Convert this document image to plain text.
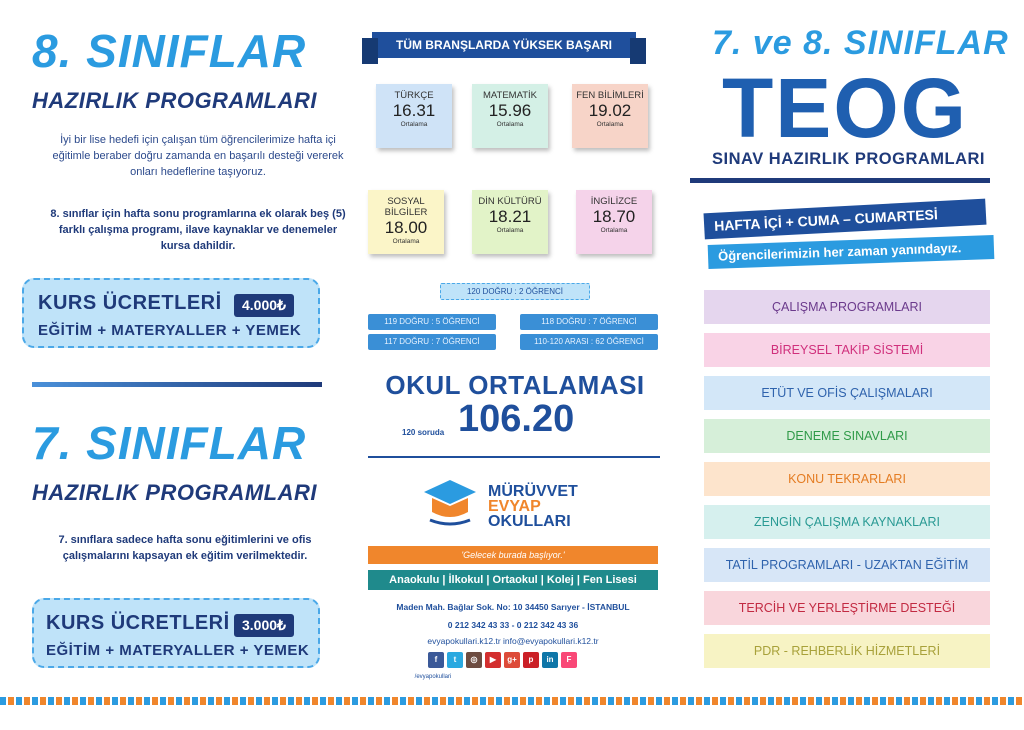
8. SINIFLAR
HAZIRLIK PROGRAMLARI
İyi bir lise hedefi için çalışan tüm öğrencilerimize hafta içi eğitimle beraber doğru zamanda en başarılı desteği vererek onları hedeflerine taşıyoruz.
8. sınıflar için hafta sonu programlarına ek olarak beş (5) farklı çalışma programı, ilave kaynaklar ve denemeler kursa dahildir.
KURS ÜCRETLERİ	4.000₺
EĞİTİM + MATERYALLER + YEMEK
7. SINIFLAR
HAZIRLIK PROGRAMLARI
7. sınıflara sadece hafta sonu eğitimlerini ve ofis çalışmalarını kapsayan ek eğitim verilmektedir.
KURS ÜCRETLERİ 3.000₺
EĞİTİM + MATERYALLER + YEMEK
TÜM BRANŞLARDA YÜKSEK BAŞARI
TÜRKÇE
16.31
Ortalama
MATEMATİK
15.96
Ortalama
FEN BİLİMLERİ
19.02
Ortalama
SOSYAL BİLGİLER
18.00
Ortalama
DİN KÜLTÜRÜ
18.21
Ortalama
İNGİLİZCE
18.70
Ortalama
120 DOĞRU : 2 ÖĞRENCİ
119 DOĞRU : 5 ÖĞRENCİ	118 DOĞRU : 7 ÖĞRENCİ
117 DOĞRU : 7 ÖĞRENCİ	110-120 ARASI : 62 ÖĞRENCİ
OKUL ORTALAMASI
120 soruda 106.20
MÜRÜVVET
EVYAP
OKULLARI
'Gelecek burada başlıyor.'
Anaokulu | İlkokul | Ortaokul | Kolej | Fen Lisesi
Maden Mah. Bağlar Sok. No: 10 34450 Sarıyer - İSTANBUL
0 212 342 43 33 - 0 212 342 43 36
evyapokullari.k12.tr info@evyapokullari.k12.tr
f	t	◎	▶	g+	p	in	F
/evyapokullari
7. ve 8. SINIFLAR
TEOG
SINAV HAZIRLIK PROGRAMLARI
HAFTA İÇİ + CUMA – CUMARTESİ
Öğrencilerimizin her zaman yanındayız.
ÇALIŞMA PROGRAMLARI
BİREYSEL TAKİP SİSTEMİ
ETÜT VE OFİS ÇALIŞMALARI
DENEME SINAVLARI
KONU TEKRARLARI
ZENGİN ÇALIŞMA KAYNAKLARI
TATİL PROGRAMLARI - UZAKTAN EĞİTİM
TERCİH VE YERLEŞTİRME DESTEĞİ
PDR - REHBERLİK HİZMETLERİ
